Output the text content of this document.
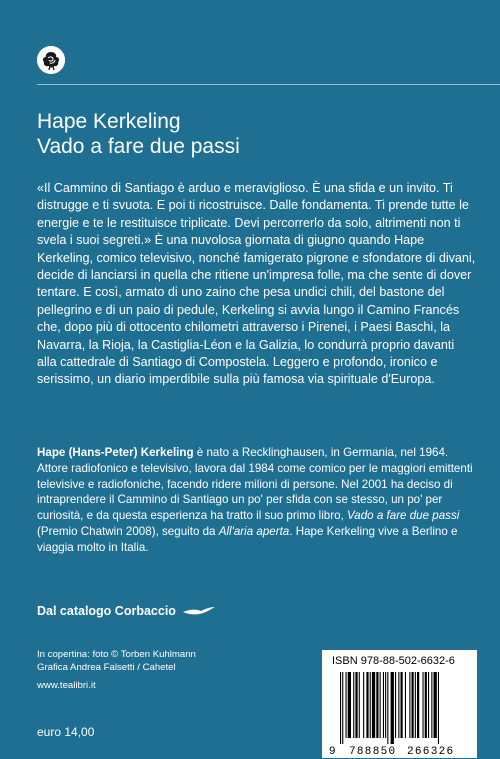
Hape Kerkeling
Vado a fare due passi

«Il Cammino di Santiago è arduo e meraviglioso. È una sfida e un invito. Ti distrugge e ti svuota. E poi ti ricostruisce. Dalle fondamenta. Ti prende tutte le energie e te le restituisce triplicate. Devi percorrerlo da solo, altrimenti non ti svela i suoi segreti.» È una nuvolosa giornata di giugno quando Hape Kerkeling, comico televisivo, nonché famigerato pigrone e sfondatore di divani, decide di lanciarsi in quella che ritiene un'impresa folle, ma che sente di dover tentare. E così, armato di uno zaino che pesa undici chili, del bastone del pellegrino e di un paio di pedule, Kerkeling si avvia lungo il Camino Francés che, dopo più di ottocento chilometri attraverso i Pirenei, i Paesi Baschi, la Navarra, la Rioja, la Castiglia-Léon e la Galizia, lo condurrà proprio davanti alla cattedrale di Santiago di Compostela. Leggero e profondo, ironico e serissimo, un diario imperdibile sulla più famosa via spirituale d'Europa.

Hape (Hans-Peter) Kerkeling è nato a Recklinghausen, in Germania, nel 1964. Attore radiofonico e televisivo, lavora dal 1984 come comico per le maggiori emittenti televisive e radiofoniche, facendo ridere milioni di persone. Nel 2001 ha deciso di intraprendere il Cammino di Santiago un po' per sfida con se stesso, un po' per curiosità, e da questa esperienza ha tratto il suo primo libro, Vado a fare due passi (Premio Chatwin 2008), seguito da All'aria aperta. Hape Kerkeling vive a Berlino e viaggia molto in Italia.

Dal catalogo Corbaccio
In copertina: foto © Torben Kuhlmann
Grafica Andrea Falsetti / Cahetel
www.tealibri.it
euro 14,00
ISBN 978-88-502-6632-6
9 788850 266326
